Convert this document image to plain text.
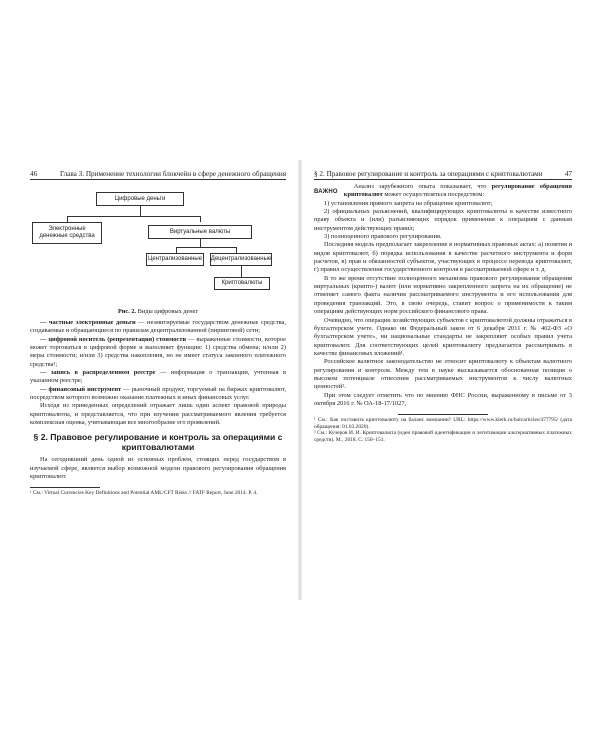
46	Глава 3. Применение технологии блокчейн в сфере денежного обращения
Цифровые деньги
Электронные денежные средства
Виртуальные валюты
Централизованные	Децентрализованные
Криптовалюты

Рис. 2. Виды цифровых денег

— частные электронные деньги — неэмитируемые государством денежные средства, создаваемые и обращающиеся по правилам децентрализованной (пиринговой) сети;

— цифровой носитель (репрезентация) стоимости — выраженные стоимости, которое может торговаться в цифровой форме и выполняет функции: 1) средства обмена; и/или 2) меры стоимости; и/или 3) средства накопления, но не имеет статуса законного платежного средства¹;

— запись в распределенном реестре — информация о транзакции, учтенная в указанном реестре;

— финансовый инструмент — рыночный продукт, торгуемый на биржах криптовалют, посредством которого возможно оказание платежных и иных финансовых услуг.

Исходя из приведенных определений отражает лишь один аспект правовой природы криптовалюты, и представляется, что при изучении рассматриваемого явления требуется комплексная оценка, учитывающая все многообразие его проявлений.

§ 2. Правовое регулирование и контроль за операциями с криптовалютами

На сегодняшний день одной из основных проблем, стоящих перед государством в изучаемой сфере, является выбор возможной модели правового регулирования обращения криптовалют.

¹ См.: Virtual Currencies Key Definitions and Potential AML/CFT Risks // FATF Report, June 2014. P. 4.

§ 2. Правовое регулирование и контроль за операциями с криптовалютами	47
ВАЖНО

Анализ зарубежного опыта показывает, что регулирование обращения криптовалют может осуществляться посредством:

1) установления прямого запрета на обращение криптовалют;

2) официальных разъяснений, квалифицирующих криптовалюты в качестве известного праву объекта и (или) разъясняющих порядок применения к операциям с данным инструментом действующих правил;

3) полноценного правового регулирования.

Последняя модель предполагает закрепление в нормативных правовых актах: а) понятия и видов криптовалют, б) порядка использования в качестве расчетного инструмента и форм расчетов, в) прав и обязанностей субъектов, участвующих в процессе перевода криптовалют, г) правил осуществления государственного контроля в рассматриваемой сфере и т. д.

В то же время отсутствие полноценного механизма правового регулирования обращения виртуальных (крипто-) валют (или нормативно закрепленного запрета на их обращение) не отменяет самого факта наличия рассматриваемого инструмента и его использования для проведения транзакций. Это, в свою очередь, ставит вопрос о применимости к таким операциям действующих норм российского финансового права.

Очевидно, что операции хозяйствующих субъектов с криптовалютой должны отражаться в бухгалтерском учете. Однако ни Федеральный закон от 6 декабря 2011 г. № 402-ФЗ «О бухгалтерском учете», ни национальные стандарты не закрепляют особых правил учета криптовалют. Для соответствующих целей криптовалюту предлагается рассматривать в качестве финансовых вложений¹.

Российское валютное законодательство не относит криптовалюту к объектам валютного регулирования и контроля. Между тем в науке высказывается обоснованная позиция о высоком потенциале отнесения рассматриваемых инструментов к числу валютных ценностей².

При этом следует отметить что по мнению ФНС России, выраженному в письме от 3 октября 2016 г. № ОА-18-17/1027,

¹ См.: Как поставить криптовалюту на баланс компании? URL: https://www.klerk.ru/buh/articles/477795/ (дата обращения: 01.03.2020).

² См.: Кучеров И. И. Криптовалюта (идеи правовой идентификации и легитимации альтернативных платежных средств). М., 2018. С. 150–151.
